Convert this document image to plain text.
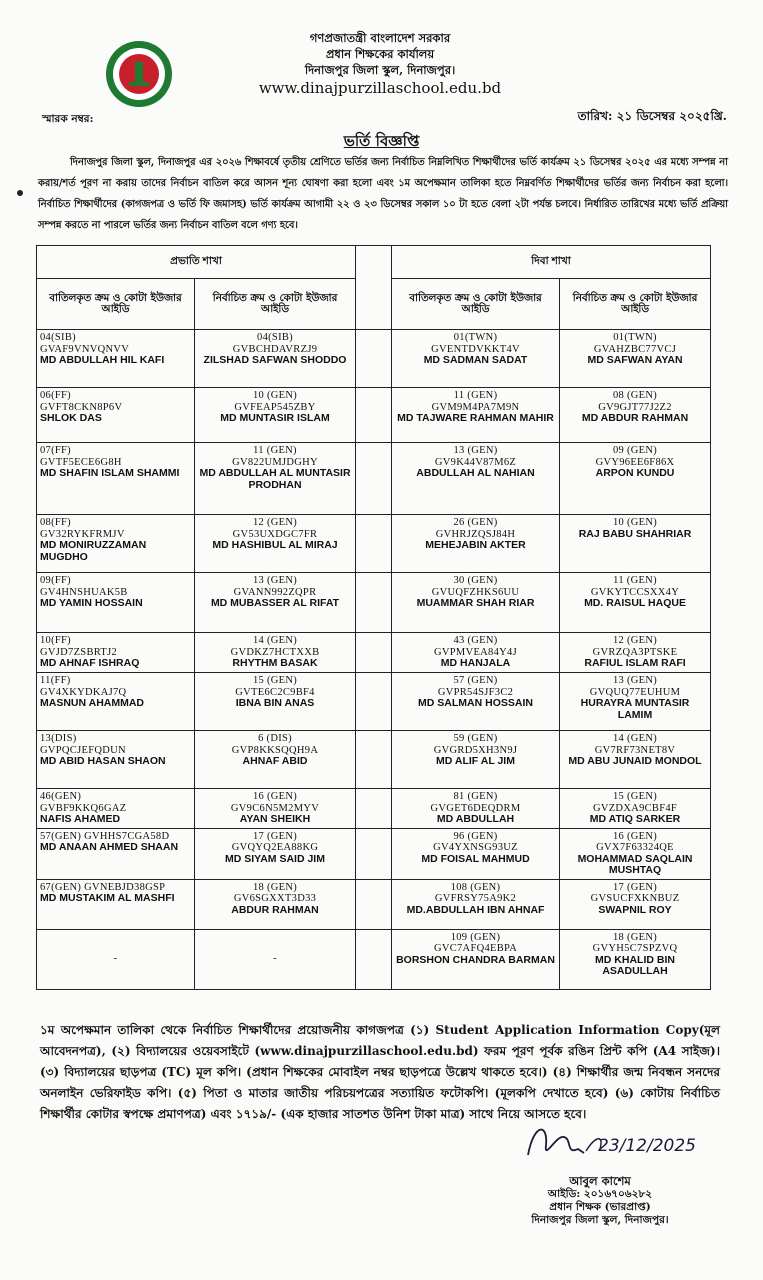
গণপ্রজাতন্ত্রী বাংলাদেশ সরকার
প্রধান শিক্ষকের কার্যালয়
দিনাজপুর জিলা স্কুল, দিনাজপুর।
www.dinajpurzillaschool.edu.bd
স্মারক নম্বর:	তারিখ: ২১ ডিসেম্বর ২০২৫খ্রি.
ভর্তি বিজ্ঞপ্তি

দিনাজপুর জিলা স্কুল, দিনাজপুর এর ২০২৬ শিক্ষাবর্ষে তৃতীয় শ্রেণিতে ভর্তির জন্য নির্বাচিত নিম্নলিখিত শিক্ষার্থীদের ভর্তি কার্যক্রম ২১ ডিসেম্বর ২০২৫ এর মধ্যে সম্পন্ন না করায়/শর্ত পূরণ না করায় তাদের নির্বাচন বাতিল করে আসন শূন্য ঘোষণা করা হলো এবং ১ম অপেক্ষমান তালিকা হতে নিম্নবর্ণিত শিক্ষার্থীদের ভর্তির জন্য নির্বাচন করা হলো। নির্বাচিত শিক্ষার্থীদের (কাগজপত্র ও ভর্তি ফি জমাসহ) ভর্তি কার্যক্রম আগামী ২২ ও ২৩ ডিসেম্বর সকাল ১০ টা হতে বেলা ২টা পর্যন্ত চলবে। নির্ধারিত তারিখের মধ্যে ভর্তি প্রক্রিয়া সম্পন্ন করতে না পারলে ভর্তির জন্য নির্বাচন বাতিল বলে গণ্য হবে।

প্রভাতি শাখা			দিবা শাখা	
বাতিলকৃত ক্রম ও কোটা ইউজার আইডি	নির্বাচিত ক্রম ও কোটা ইউজার আইডি		বাতিলকৃত ক্রম ও কোটা ইউজার আইডি	নির্বাচিত ক্রম ও কোটা ইউজার আইডি

04(SIB)
GVAF9VNVQNVV
MD ABDULLAH HIL KAFI	04(SIB)
GVBCHDAVRZJ9
ZILSHAD SAFWAN SHODDO		01(TWN)
GVENTDVKKT4V
MD SADMAN SADAT	01(TWN)
GVAHZBC77VCJ
MD SAFWAN AYAN

06(FF)
GVFT8CKN8P6V
SHLOK DAS	10 (GEN)
GVFEAP545ZBY
MD MUNTASIR ISLAM		11 (GEN)
GVM9M4PA7M9N
MD TAJWARE RAHMAN MAHIR	08 (GEN)
GV9GJT77J2Z2
MD ABDUR RAHMAN

07(FF)
GVTF5ECE6G8H
MD SHAFIN ISLAM SHAMMI	11 (GEN)
GV822UMJDGHY
MD ABDULLAH AL MUNTASIR PRODHAN		13 (GEN)
GV9K44V87M6Z
ABDULLAH AL NAHIAN	09 (GEN)
GVY96EE6F86X
ARPON KUNDU

08(FF)
GV32RYKFRMJV
MD MONIRUZZAMAN MUGDHO	12 (GEN)
GV53UXDGC7FR
MD HASHIBUL AL MIRAJ		26 (GEN)
GVHRJZQSJ84H
MEHEJABIN AKTER	10 (GEN)
RAJ BABU SHAHRIAR

09(FF)
GV4HNSHUAK5B
MD YAMIN HOSSAIN	13 (GEN)
GVANN992ZQPR
MD MUBASSER AL RIFAT		30 (GEN)
GVUQFZHKS6UU
MUAMMAR SHAH RIAR	11 (GEN)
GVKYTCCSXX4Y
MD. RAISUL HAQUE

10(FF)
GVJD7ZSBRTJ2
MD AHNAF ISHRAQ	14 (GEN)
GVDKZ7HCTXXB
RHYTHM BASAK		43 (GEN)
GVPMVEA84Y4J
MD HANJALA	12 (GEN)
GVRZQA3PTSKE
RAFIUL ISLAM RAFI

11(FF)
GV4XKYDKAJ7Q
MASNUN AHAMMAD	15 (GEN)
GVTE6C2C9BF4
IBNA BIN ANAS		57 (GEN)
GVPR54SJF3C2
MD SALMAN HOSSAIN	13 (GEN)
GVQUQ77EUHUM
HURAYRA MUNTASIR LAMIM

13(DIS)
GVPQCJEFQDUN
MD ABID HASAN SHAON	6 (DIS)
GVP8KKSQQH9A
AHNAF ABID		59 (GEN)
GVGRD5XH3N9J
MD ALIF AL JIM	14 (GEN)
GV7RF73NET8V
MD ABU JUNAID MONDOL

46(GEN)
GVBF9KKQ6GAZ
NAFIS AHAMED	16 (GEN)
GV9C6N5M2MYV
AYAN SHEIKH		81 (GEN)
GVGET6DEQDRM
MD ABDULLAH	15 (GEN)
GVZDXA9CBF4F
MD ATIQ SARKER

57(GEN) GVHHS7CGA58D
MD ANAAN AHMED SHAAN	17 (GEN)
GVQYQ2EA88KG
MD SIYAM SAID JIM		96 (GEN)
GV4YXNSG93UZ
MD FOISAL MAHMUD	16 (GEN)
GVX7F63324QE
MOHAMMAD SAQLAIN MUSHTAQ

67(GEN) GVNEBJD38GSP
MD MUSTAKIM AL MASHFI	18 (GEN)
GV6SGXXT3D33
ABDUR RAHMAN		108 (GEN)
GVFRSY75A9K2
MD.ABDULLAH IBN AHNAF	17 (GEN)
GVSUCFXKNBUZ
SWAPNIL ROY

-	-		109 (GEN)
GVC7AFQ4EBPA
BORSHON CHANDRA BARMAN	18 (GEN)
GVYH5C7SPZVQ
MD KHALID BIN ASADULLAH

১ম অপেক্ষমান তালিকা থেকে নির্বাচিত শিক্ষার্থীদের প্রয়োজনীয় কাগজপত্র (১) Student Application Information Copy(মূল আবেদনপত্র), (২) বিদ্যালয়ের ওয়েবসাইটে (www.dinajpurzillaschool.edu.bd) ফরম পূরণ পূর্বক রঙিন প্রিন্ট কপি (A4 সাইজ)। (৩) বিদ্যালয়ের ছাড়পত্র (TC) মূল কপি। (প্রধান শিক্ষকের মোবাইল নম্বর ছাড়পত্রে উল্লেখ থাকতে হবে।) (৪) শিক্ষার্থীর জন্ম নিবন্ধন সনদের অনলাইন ভেরিফাইড কপি। (৫) পিতা ও মাতার জাতীয় পরিচয়পত্রের সত্যায়িত ফটোকপি। (মূলকপি দেখাতে হবে) (৬) কোটায় নির্বাচিত শিক্ষার্থীর কোটার স্বপক্ষে প্রমাণপত্র) এবং ১৭১৯/- (এক হাজার সাতশত উনিশ টাকা মাত্র) সাথে নিয়ে আসতে হবে।

23/12/2025
আবুল কাশেম
আইডি: ২০১৬৭০৬২৮২
প্রধান শিক্ষক (ভারপ্রাপ্ত)
দিনাজপুর জিলা স্কুল, দিনাজপুর।
